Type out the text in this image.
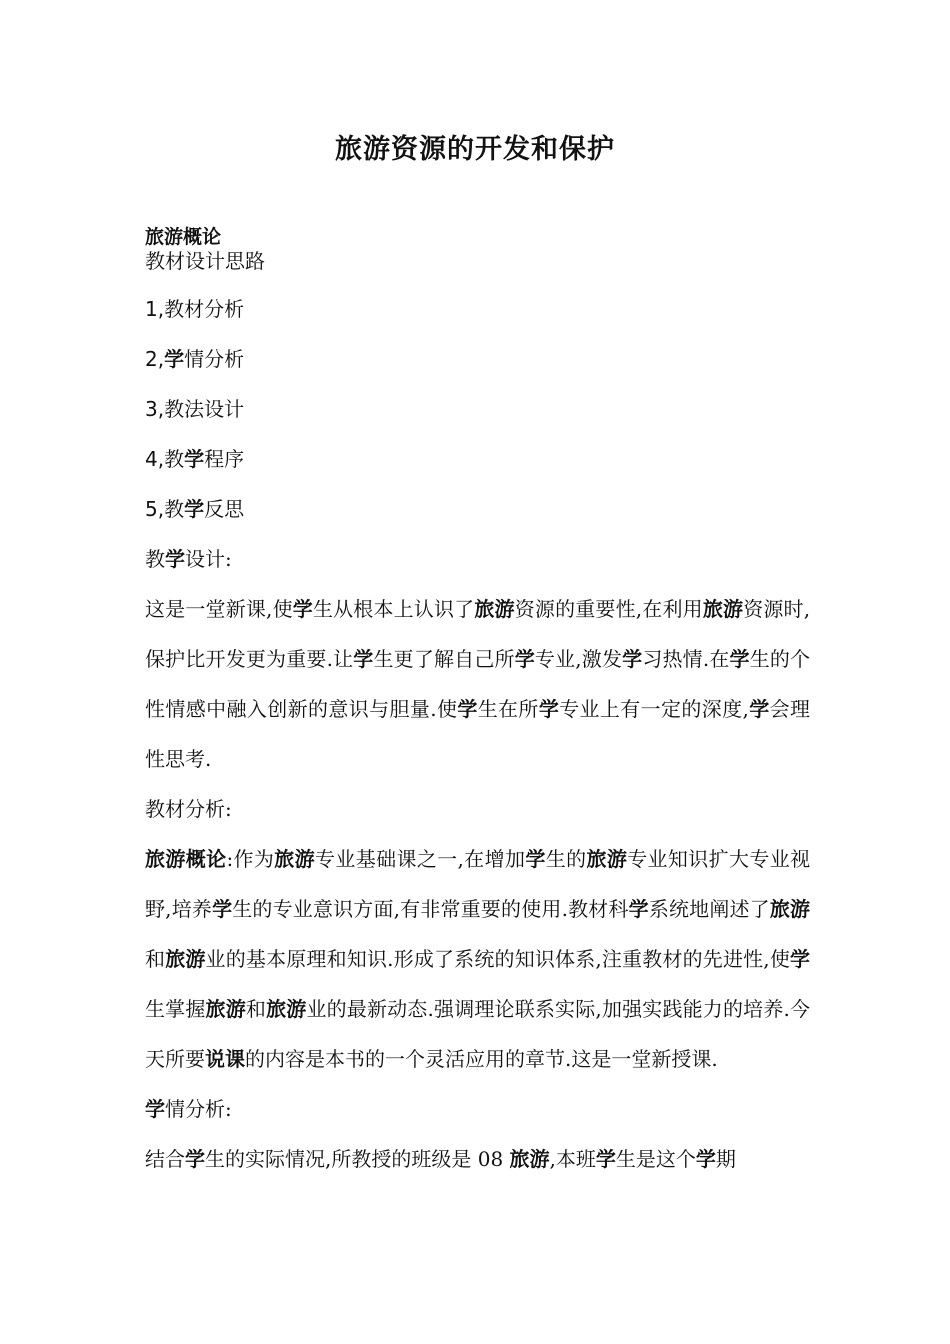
旅游资源的开发和保护
旅游概论
教材设计思路
1,教材分析
2,学情分析
3,教法设计
4,教学程序
5,教学反思
教学设计:

这是一堂新课,使学生从根本上认识了旅游资源的重要性,在利用旅游资源时,保护比开发更为重要.让学生更了解自己所学专业,激发学习热情.在学生的个性情感中融入创新的意识与胆量.使学生在所学专业上有一定的深度,学会理性思考.

教材分析:

旅游概论:作为旅游专业基础课之一,在增加学生的旅游专业知识扩大专业视野,培养学生的专业意识方面,有非常重要的使用.教材科学系统地阐述了旅游和旅游业的基本原理和知识.形成了系统的知识体系,注重教材的先进性,使学生掌握旅游和旅游业的最新动态.强调理论联系实际,加强实践能力的培养.今天所要说课的内容是本书的一个灵活应用的章节.这是一堂新授课.

学情分析:

结合学生的实际情况,所教授的班级是 08 旅游,本班学生是这个学期
